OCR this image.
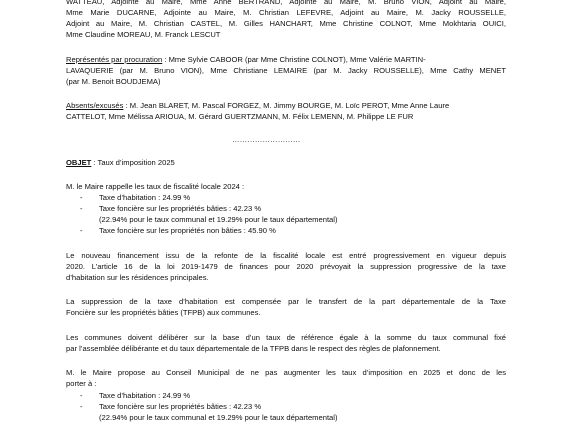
WATTEAU, Adjointe au Maire, Mme Anne BERTRAND, Adjointe au Maire, M. Bruno VION, Adjoint au Maire,
Mme Marie DUCARNE, Adjointe au Maire, M. Christian LEFEVRE, Adjoint au Maire, M. Jacky ROUSSELLE,
Adjoint au Maire, M. Christian CASTEL, M. Gilles HANCHART, Mme Christine COLNOT, Mme Mokhtaria OUICI,
Mme Claudine MOREAU, M. Franck LESCUT
Représentés par procuration : Mme Sylvie CABOOR (par Mme Christine COLNOT), Mme Valérie MARTIN-
LAVAQUERIE (par M. Bruno VION), Mme Christiane LEMAIRE (par M. Jacky ROUSSELLE), Mme Cathy MENET
(par M. Benoit BOUDJEMA)
Absents/excusés : M. Jean BLARET, M. Pascal FORGEZ, M. Jimmy BOURGE, M. Loïc PEROT, Mme Anne Laure
CATTELOT, Mme Mélissa ARIOUA, M. Gérard GUERTZMANN, M. Félix LEMENN, M. Philippe LE FUR
………………………
OBJET : Taux d’imposition 2025
M. le Maire rappelle les taux de fiscalité locale 2024 :
- Taxe d’habitation : 24.99 %
- Taxe foncière sur les propriétés bâties : 42.23 %
(22.94% pour le taux communal et 19.29% pour le taux départemental)
- Taxe foncière sur les propriétés non bâties : 45.90 %
Le nouveau financement issu de la refonte de la fiscalité locale est entré progressivement en vigueur depuis
2020. L’article 16 de la loi 2019-1479 de finances pour 2020 prévoyait la suppression progressive de la taxe
d’habitation sur les résidences principales.
La suppression de la taxe d’habitation est compensée par le transfert de la part départementale de la Taxe
Foncière sur les propriétés bâties (TFPB) aux communes.
Les communes doivent délibérer sur la base d’un taux de référence égale à la somme du taux communal fixé
par l’assemblée délibérante et du taux départementale de la TFPB dans le respect des règles de plafonnement.
M. le Maire propose au Conseil Municipal de ne pas augmenter les taux d’imposition en 2025 et donc de les
porter à :
- Taxe d’habitation : 24.99 %
- Taxe foncière sur les propriétés bâties : 42.23 %
(22.94% pour le taux communal et 19.29% pour le taux départemental)
